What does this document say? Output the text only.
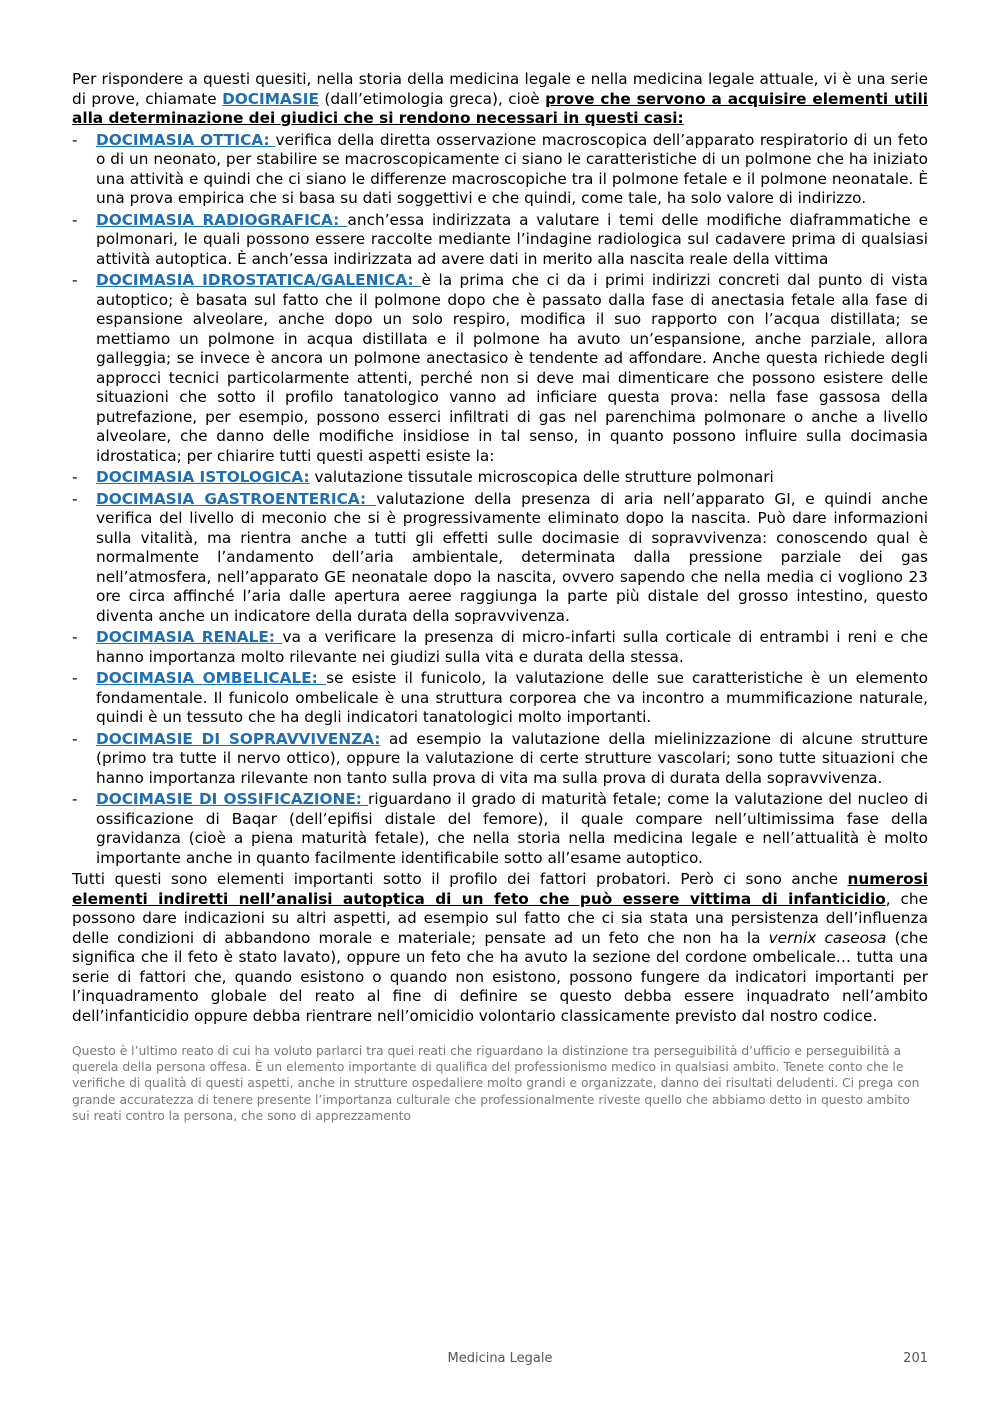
Per rispondere a questi quesiti, nella storia della medicina legale e nella medicina legale attuale, vi è una serie di prove, chiamate DOCIMASIE (dall’etimologia greca), cioè prove che servono a acquisire elementi utili alla determinazione dei giudici che si rendono necessari in questi casi:

- DOCIMASIA OTTICA: verifica della diretta osservazione macroscopica dell’apparato respiratorio di un feto o di un neonato, per stabilire se macroscopicamente ci siano le caratteristiche di un polmone che ha iniziato una attività e quindi che ci siano le differenze macroscopiche tra il polmone fetale e il polmone neonatale. È una prova empirica che si basa su dati soggettivi e che quindi, come tale, ha solo valore di indirizzo.
- DOCIMASIA RADIOGRAFICA: anch’essa indirizzata a valutare i temi delle modifiche diaframmatiche e polmonari, le quali possono essere raccolte mediante l’indagine radiologica sul cadavere prima di qualsiasi attività autoptica. È anch’essa indirizzata ad avere dati in merito alla nascita reale della vittima
- DOCIMASIA IDROSTATICA/GALENICA: è la prima che ci da i primi indirizzi concreti dal punto di vista autoptico; è basata sul fatto che il polmone dopo che è passato dalla fase di anectasia fetale alla fase di espansione alveolare, anche dopo un solo respiro, modifica il suo rapporto con l’acqua distillata; se mettiamo un polmone in acqua distillata e il polmone ha avuto un’espansione, anche parziale, allora galleggia; se invece è ancora un polmone anectasico è tendente ad affondare. Anche questa richiede degli approcci tecnici particolarmente attenti, perché non si deve mai dimenticare che possono esistere delle situazioni che sotto il profilo tanatologico vanno ad inficiare questa prova: nella fase gassosa della putrefazione, per esempio, possono esserci infiltrati di gas nel parenchima polmonare o anche a livello alveolare, che danno delle modifiche insidiose in tal senso, in quanto possono influire sulla docimasia idrostatica; per chiarire tutti questi aspetti esiste la:
- DOCIMASIA ISTOLOGICA: valutazione tissutale microscopica delle strutture polmonari
- DOCIMASIA GASTROENTERICA: valutazione della presenza di aria nell’apparato GI, e quindi anche verifica del livello di meconio che si è progressivamente eliminato dopo la nascita. Può dare informazioni sulla vitalità, ma rientra anche a tutti gli effetti sulle docimasie di sopravvivenza: conoscendo qual è normalmente l’andamento dell’aria ambientale, determinata dalla pressione parziale dei gas nell’atmosfera, nell’apparato GE neonatale dopo la nascita, ovvero sapendo che nella media ci vogliono 23 ore circa affinché l’aria dalle apertura aeree raggiunga la parte più distale del grosso intestino, questo diventa anche un indicatore della durata della sopravvivenza.
- DOCIMASIA RENALE: va a verificare la presenza di micro-infarti sulla corticale di entrambi i reni e che hanno importanza molto rilevante nei giudizi sulla vita e durata della stessa.
- DOCIMASIA OMBELICALE: se esiste il funicolo, la valutazione delle sue caratteristiche è un elemento fondamentale. Il funicolo ombelicale è una struttura corporea che va incontro a mummificazione naturale, quindi è un tessuto che ha degli indicatori tanatologici molto importanti.
- DOCIMASIE DI SOPRAVVIVENZA: ad esempio la valutazione della mielinizzazione di alcune strutture (primo tra tutte il nervo ottico), oppure la valutazione di certe strutture vascolari; sono tutte situazioni che hanno importanza rilevante non tanto sulla prova di vita ma sulla prova di durata della sopravvivenza.
- DOCIMASIE DI OSSIFICAZIONE: riguardano il grado di maturità fetale; come la valutazione del nucleo di ossificazione di Baqar (dell’epifisi distale del femore), il quale compare nell’ultimissima fase della gravidanza (cioè a piena maturità fetale), che nella storia nella medicina legale e nell’attualità è molto importante anche in quanto facilmente identificabile sotto all’esame autoptico.

Tutti questi sono elementi importanti sotto il profilo dei fattori probatori. Però ci sono anche numerosi elementi indiretti nell’analisi autoptica di un feto che può essere vittima di infanticidio, che possono dare indicazioni su altri aspetti, ad esempio sul fatto che ci sia stata una persistenza dell’influenza delle condizioni di abbandono morale e materiale; pensate ad un feto che non ha la vernix caseosa (che significa che il feto è stato lavato), oppure un feto che ha avuto la sezione del cordone ombelicale… tutta una serie di fattori che, quando esistono o quando non esistono, possono fungere da indicatori importanti per l’inquadramento globale del reato al fine di definire se questo debba essere inquadrato nell’ambito dell’infanticidio oppure debba rientrare nell’omicidio volontario classicamente previsto dal nostro codice.

Questo è l’ultimo reato di cui ha voluto parlarci tra quei reati che riguardano la distinzione tra perseguibilità d’ufficio e perseguibilità a querela della persona offesa. È un elemento importante di qualifica del professionismo medico in qualsiasi ambito. Tenete conto che le verifiche di qualità di questi aspetti, anche in strutture ospedaliere molto grandi e organizzate, danno dei risultati deludenti. Ci prega con grande accuratezza di tenere presente l’importanza culturale che professionalmente riveste quello che abbiamo detto in questo ambito sui reati contro la persona, che sono di apprezzamento

Medicina Legale	201
